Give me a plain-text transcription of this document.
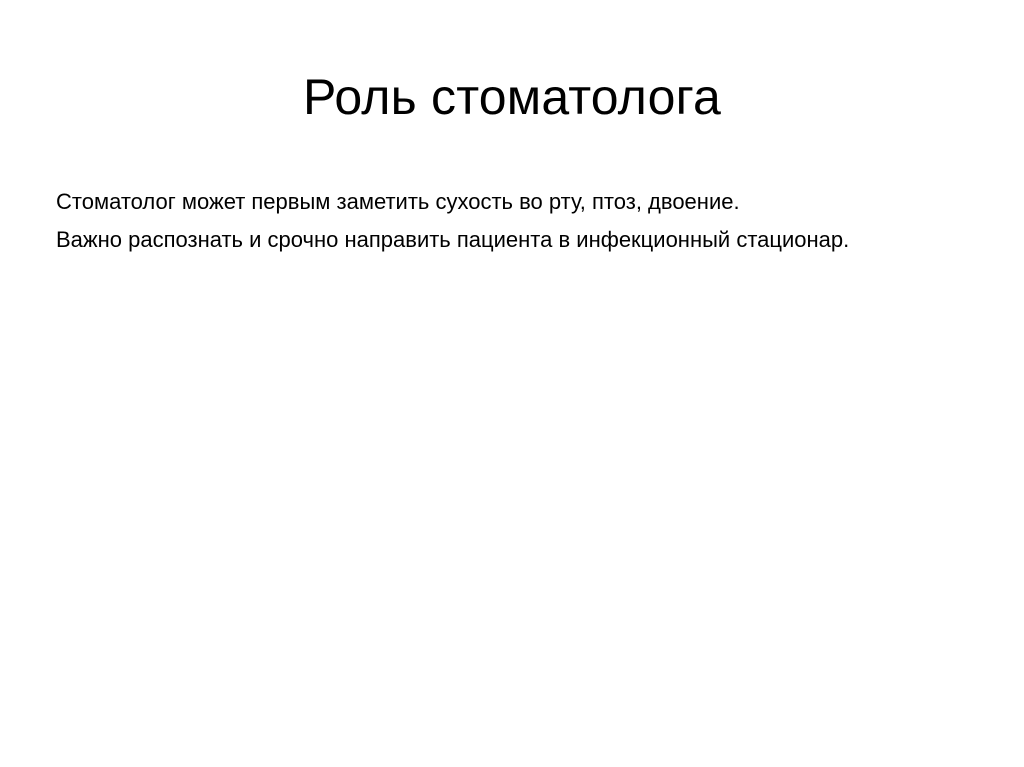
Роль стоматолога
Стоматолог может первым заметить сухость во рту, птоз, двоение.
Важно распознать и срочно направить пациента в инфекционный стационар.
